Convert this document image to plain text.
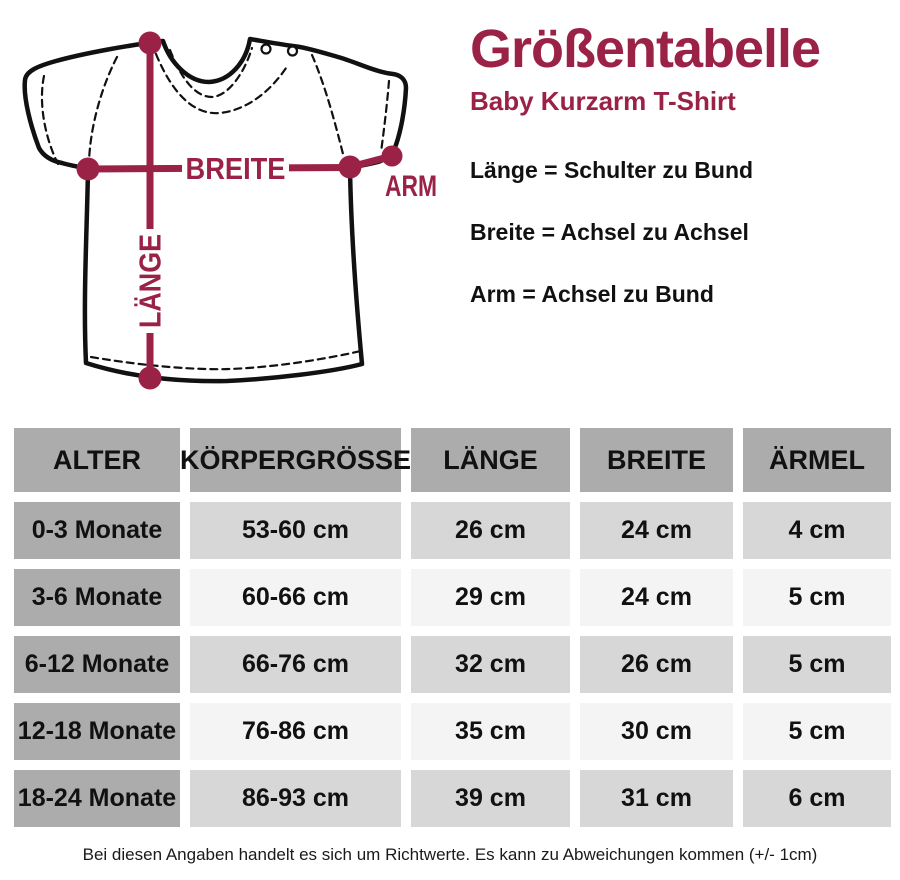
LÄNGE
BREITE
ARM
Größentabelle
Baby Kurzarm T-Shirt
Länge = Schulter zu Bund
Breite = Achsel zu Achsel
Arm = Achsel zu Bund
ALTER	KÖRPERGRÖSSE	LÄNGE	BREITE	ÄRMEL
0-3 Monate	53-60 cm	26 cm	24 cm	4 cm
3-6 Monate	60-66 cm	29 cm	24 cm	5 cm
6-12 Monate	66-76 cm	32 cm	26 cm	5 cm
12-18 Monate	76-86 cm	35 cm	30 cm	5 cm
18-24 Monate	86-93 cm	39 cm	31 cm	6 cm
Bei diesen Angaben handelt es sich um Richtwerte. Es kann zu Abweichungen kommen (+/- 1cm)
